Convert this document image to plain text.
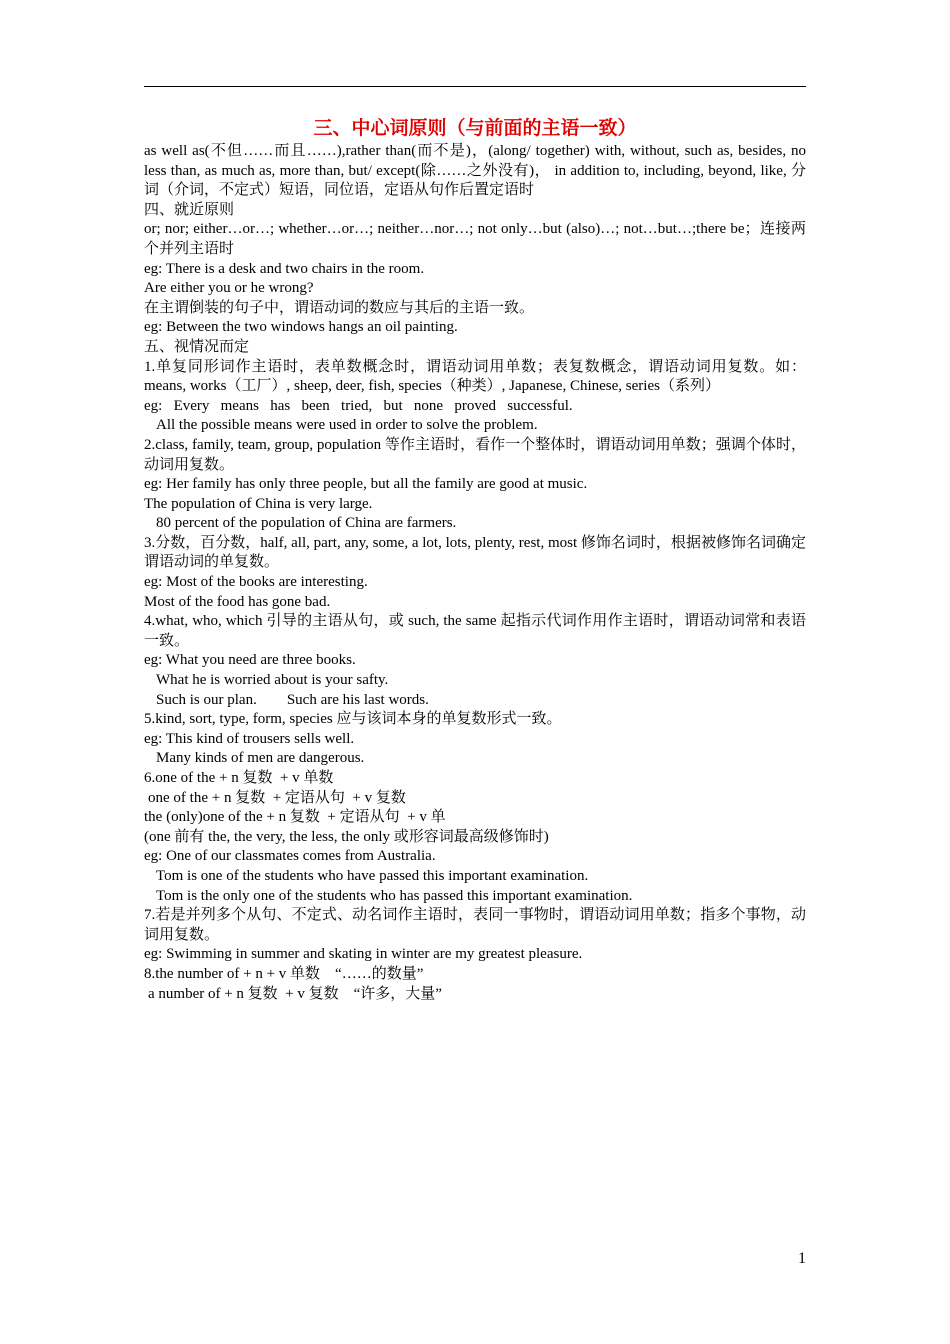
三、中心词原则（与前面的主语一致）

as well as(不但……而且……),rather than(而不是)，(along/ together) with, without, such as, besides, no less than, as much as, more than, but/ except(除……之外没有)， in addition to, including, beyond, like, 分词（介词，不定式）短语，同位语，定语从句作后置定语时

四、就近原则

or; nor; either…or…; whether…or…; neither…nor…; not only…but (also)…; not…but…;there be；连接两个并列主语时

eg: There is a desk and two chairs in the room.

Are either you or he wrong?

在主谓倒装的句子中，谓语动词的数应与其后的主语一致。

eg: Between the two windows hangs an oil painting.

五、视情况而定

1.单复同形词作主语时，表单数概念时，谓语动词用单数；表复数概念，谓语动词用复数。如：means, works（工厂）, sheep, deer, fish, species（种类）, Japanese, Chinese, series（系列）

eg:   Every   means   has   been   tried,   but   none   proved   successful.

All the possible means were used in order to solve the problem.

2.class, family, team, group, population 等作主语时，看作一个整体时，谓语动词用单数；强调个体时，动词用复数。

eg: Her family has only three people, but all the family are good at music.

The population of China is very large.

80 percent of the population of China are farmers.

3.分数，百分数，half, all, part, any, some, a lot, lots, plenty, rest, most 修饰名词时，根据被修饰名词确定谓语动词的单复数。

eg: Most of the books are interesting.

Most of the food has gone bad.

4.what, who, which 引导的主语从句，或 such, the same 起指示代词作用作主语时，谓语动词常和表语一致。

eg: What you need are three books.

What he is worried about is your safty.

Such is our plan.        Such are his last words.

5.kind, sort, type, form, species 应与该词本身的单复数形式一致。

eg: This kind of trousers sells well.

Many kinds of men are dangerous.

6.one of the + n 复数  + v 单数

one of the + n 复数  + 定语从句  + v 复数

the (only)one of the + n 复数  + 定语从句  + v 单

(one 前有 the, the very, the less, the only 或形容词最高级修饰时)

eg: One of our classmates comes from Australia.

Tom is one of the students who have passed this important examination.

Tom is the only one of the students who has passed this important examination.

7.若是并列多个从句、不定式、动名词作主语时，表同一事物时，谓语动词用单数；指多个事物，动词用复数。

eg: Swimming in summer and skating in winter are my greatest pleasure.

8.the number of + n + v 单数    “……的数量”

a number of + n 复数  + v 复数    “许多，大量”

1
